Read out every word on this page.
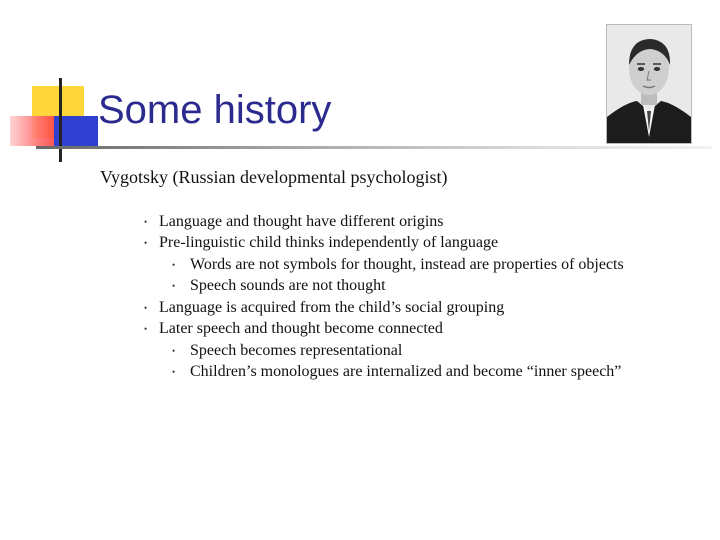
Some history
Vygotsky (Russian developmental psychologist)
• Language and thought have different origins
• Pre-linguistic child thinks independently of language
• Words are not symbols for thought, instead are properties of objects
• Speech sounds are not thought
• Language is acquired from the child’s social grouping
• Later speech and thought become connected
• Speech becomes representational
• Children’s monologues are internalized and become “inner speech”
